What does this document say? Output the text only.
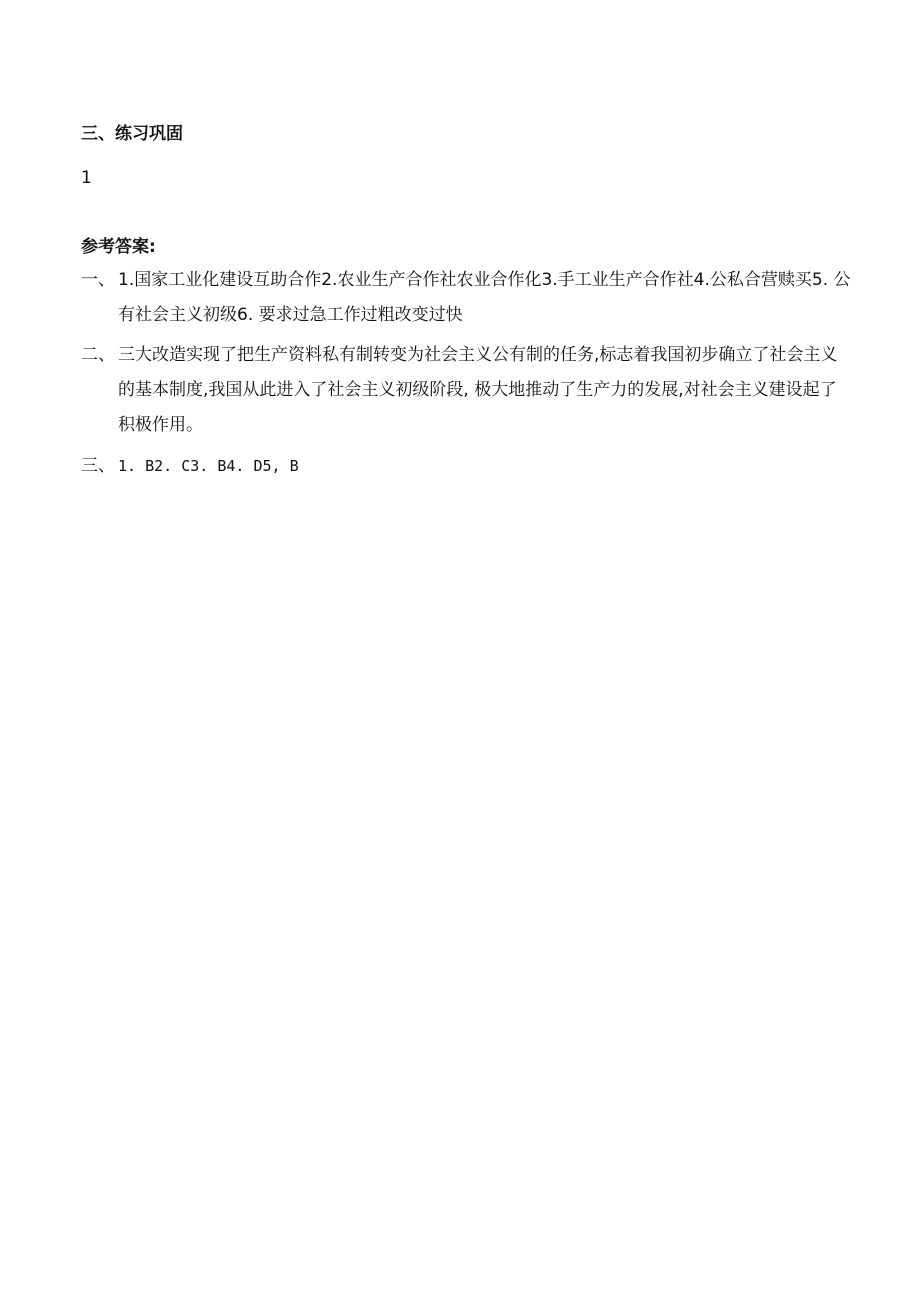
三、练习巩固
1
参考答案:
一、 1.国家工业化建设互助合作2.农业生产合作社农业合作化3.手工业生产合作社4.公私合营赎买5. 公
有社会主义初级6. 要求过急工作过粗改变过快
二、 三大改造实现了把生产资料私有制转变为社会主义公有制的任务,标志着我国初步确立了社会主义
的基本制度,我国从此进入了社会主义初级阶段, 极大地推动了生产力的发展,对社会主义建设起了
积极作用。
三、 1. B2. C3. B4. D5, B
